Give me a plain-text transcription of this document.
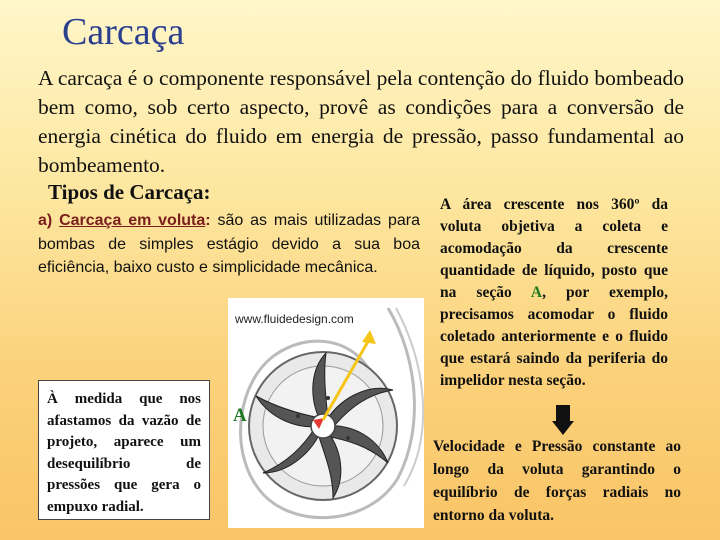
Carcaça
A carcaça é o componente responsável pela contenção do fluido bombeado bem como, sob certo aspecto, provê as condições para a conversão de energia cinética do fluido em energia de pressão, passo fundamental ao bombeamento.
Tipos de Carcaça:
a) Carcaça em voluta: são as mais utilizadas para bombas de simples estágio devido a sua boa eficiência, baixo custo e simplicidade mecânica.
A área crescente nos 360º da voluta objetiva a coleta e acomodação da crescente quantidade de líquido, posto que na seção A, por exemplo, precisamos acomodar o fluido coletado anteriormente e o fluido que estará saindo da periferia do impelidor nesta seção.
À medida que nos afastamos da vazão de projeto, aparece um desequilíbrio de pressões que gera o empuxo radial.
Velocidade e Pressão constante ao longo da voluta garantindo o equilíbrio de forças radiais no entorno da voluta.
www.fluidedesign.com
A
